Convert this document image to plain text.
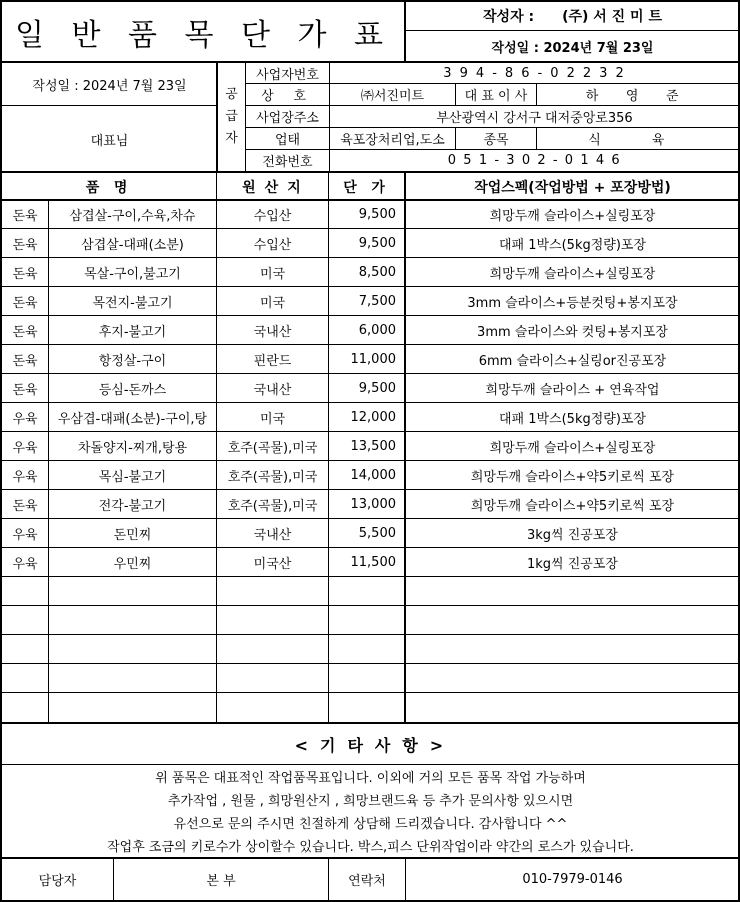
일 반 품 목 단 가 표
작성자 : (주) 서 진 미 트
작성일 : 2024년 7월 23일
작성일 : 2024년 7월 23일
대표님
공
급
자
사업자번호	3 9 4 - 8 6 - 0 2 2 3 2
상 호	㈜서진미트	대 표 이 사	하 영 준
사업장주소	부산광역시 강서구 대저중앙로356
업태	육포장처리업,도소	종목	식 육
전화번호	0 5 1 - 3 0 2 - 0 1 4 6
품 명	원 산 지	단 가	작업스펙(작업방법 + 포장방법)
돈육	삼겹살-구이,수육,차슈	수입산	9,500	희망두깨 슬라이스+실링포장
돈육	삼겹살-대패(소분)	수입산	9,500	대패 1박스(5kg정량)포장
돈육	목살-구이,불고기	미국	8,500	희망두깨 슬라이스+실링포장
돈육	목전지-불고기	미국	7,500	3mm 슬라이스+등분컷팅+봉지포장
돈육	후지-불고기	국내산	6,000	3mm 슬라이스와 컷팅+봉지포장
돈육	항정살-구이	핀란드	11,000	6mm 슬라이스+실링or진공포장
돈육	등심-돈까스	국내산	9,500	희망두깨 슬라이스 + 연육작업
우육	우삼겹-대패(소분)-구이,탕	미국	12,000	대패 1박스(5kg정량)포장
우육	차돌양지-찌개,탕용	호주(곡물),미국	13,500	희망두깨 슬라이스+실링포장
우육	목심-불고기	호주(곡물),미국	14,000	희망두깨 슬라이스+약5키로씩 포장
돈육	전각-불고기	호주(곡물),미국	13,000	희망두깨 슬라이스+약5키로씩 포장
우육	돈민찌	국내산	5,500	3kg씩 진공포장
우육	우민찌	미국산	11,500	1kg씩 진공포장
< 기 타 사 항 >
위 품목은 대표적인 작업품목표입니다. 이외에 거의 모든 품목 작업 가능하며
추가작업 , 원물 , 희망원산지 , 희망브랜드육 등 추가 문의사항 있으시면
유선으로 문의 주시면 친절하게 상담해 드리겠습니다. 감사합니다 ^^
작업후 조금의 키로수가 상이할수 있습니다. 박스,피스 단위작업이라 약간의 로스가 있습니다.
담당자	본 부	연락처	010-7979-0146
